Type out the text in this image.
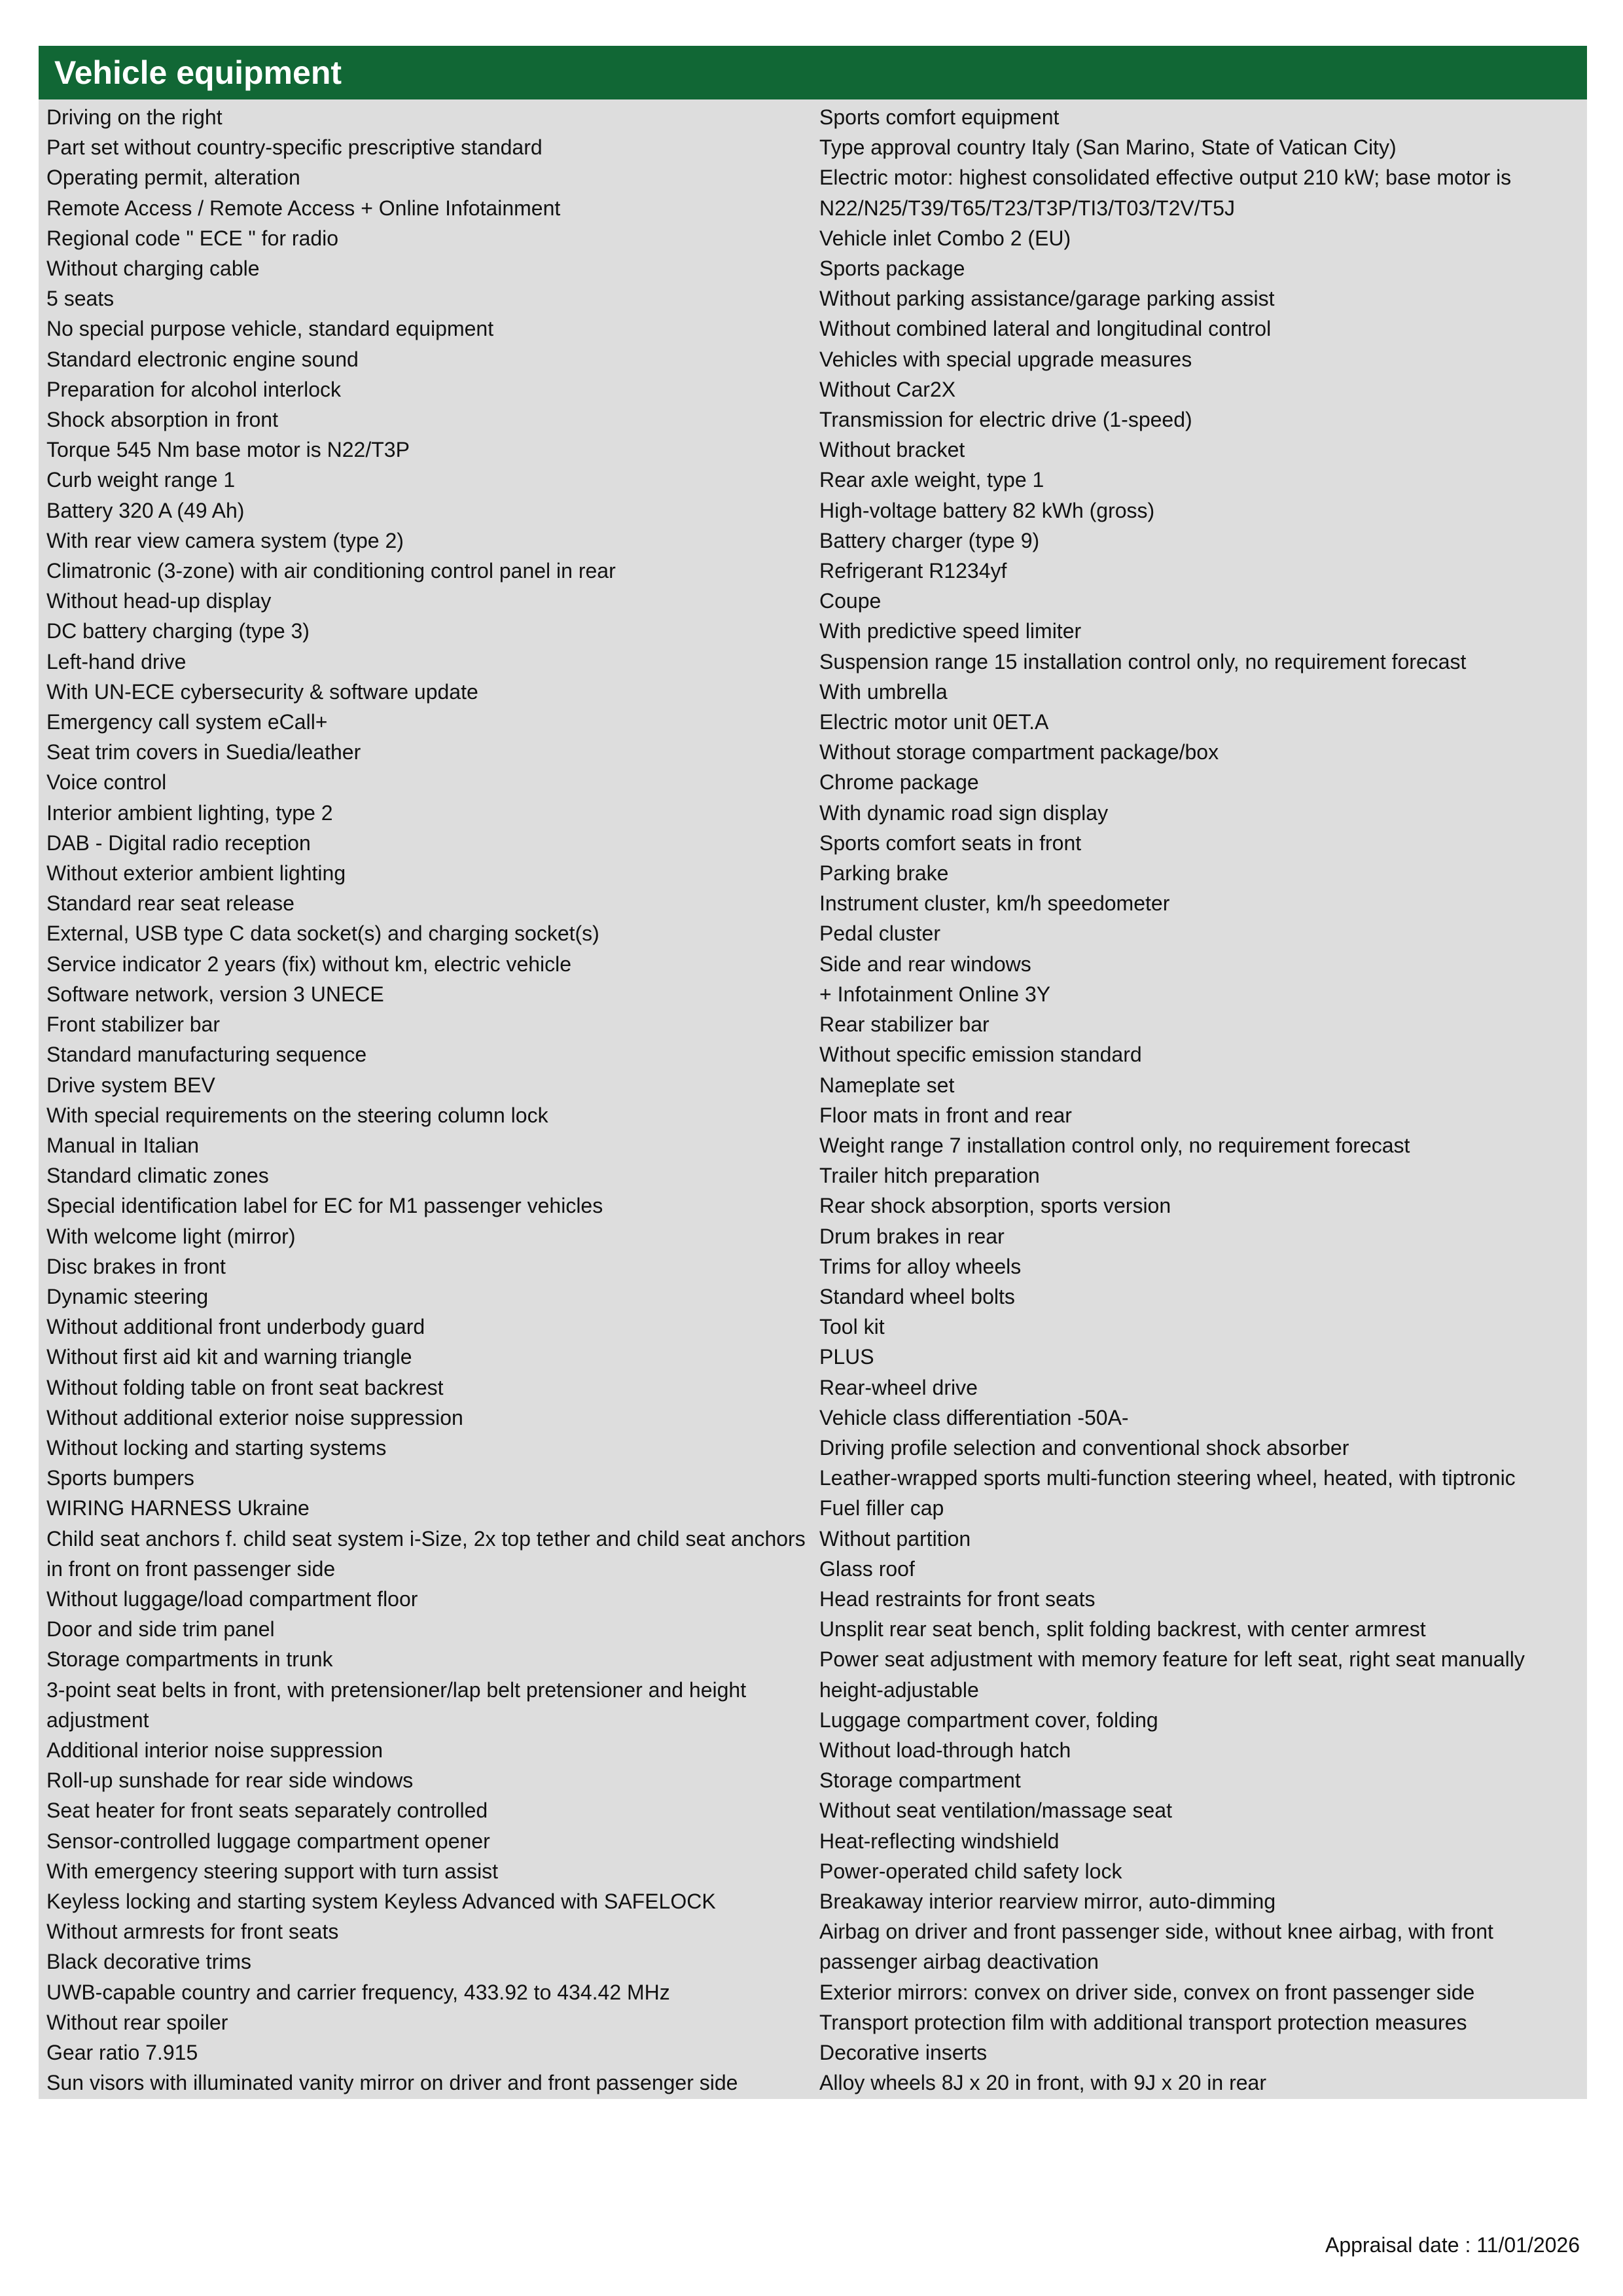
Vehicle equipment
Driving on the right
Part set without country-specific prescriptive standard
Operating permit, alteration
Remote Access / Remote Access + Online Infotainment
Regional code " ECE " for radio
Without charging cable
5 seats
No special purpose vehicle, standard equipment
Standard electronic engine sound
Preparation for alcohol interlock
Shock absorption in front
Torque 545 Nm base motor is N22/T3P
Curb weight range 1
Battery 320 A (49 Ah)
With rear view camera system (type 2)
Climatronic (3-zone) with air conditioning control panel in rear
Without head-up display
DC battery charging (type 3)
Left-hand drive
With UN-ECE cybersecurity & software update
Emergency call system eCall+
Seat trim covers in Suedia/leather
Voice control
Interior ambient lighting, type 2
DAB - Digital radio reception
Without exterior ambient lighting
Standard rear seat release
External, USB type C data socket(s) and charging socket(s)
Service indicator 2 years (fix) without km, electric vehicle
Software network, version 3 UNECE
Front stabilizer bar
Standard manufacturing sequence
Drive system BEV
With special requirements on the steering column lock
Manual in Italian
Standard climatic zones
Special identification label for EC for M1 passenger vehicles
With welcome light (mirror)
Disc brakes in front
Dynamic steering
Without additional front underbody guard
Without first aid kit and warning triangle
Without folding table on front seat backrest
Without additional exterior noise suppression
Without locking and starting systems
Sports bumpers
WIRING HARNESS Ukraine
Child seat anchors f. child seat system i-Size, 2x top tether and child seat anchors in front on front passenger side
Without luggage/load compartment floor
Door and side trim panel
Storage compartments in trunk
3-point seat belts in front, with pretensioner/lap belt pretensioner and height adjustment
Additional interior noise suppression
Roll-up sunshade for rear side windows
Seat heater for front seats separately controlled
Sensor-controlled luggage compartment opener
With emergency steering support with turn assist
Keyless locking and starting system Keyless Advanced with SAFELOCK
Without armrests for front seats
Black decorative trims
UWB-capable country and carrier frequency, 433.92 to 434.42 MHz
Without rear spoiler
Gear ratio 7.915
Sun visors with illuminated vanity mirror on driver and front passenger side
Sports comfort equipment
Type approval country Italy (San Marino, State of Vatican City)
Electric motor: highest consolidated effective output 210 kW; base motor is N22/N25/T39/T65/T23/T3P/TI3/T03/T2V/T5J
Vehicle inlet Combo 2 (EU)
Sports package
Without parking assistance/garage parking assist
Without combined lateral and longitudinal control
Vehicles with special upgrade measures
Without Car2X
Transmission for electric drive (1-speed)
Without bracket
Rear axle weight, type 1
High-voltage battery 82 kWh (gross)
Battery charger (type 9)
Refrigerant R1234yf
Coupe
With predictive speed limiter
Suspension range 15 installation control only, no requirement forecast
With umbrella
Electric motor unit 0ET.A
Without storage compartment package/box
Chrome package
With dynamic road sign display
Sports comfort seats in front
Parking brake
Instrument cluster, km/h speedometer
Pedal cluster
Side and rear windows
+ Infotainment Online 3Y
Rear stabilizer bar
Without specific emission standard
Nameplate set
Floor mats in front and rear
Weight range 7 installation control only, no requirement forecast
Trailer hitch preparation
Rear shock absorption, sports version
Drum brakes in rear
Trims for alloy wheels
Standard wheel bolts
Tool kit
PLUS
Rear-wheel drive
Vehicle class differentiation -50A-
Driving profile selection and conventional shock absorber
Leather-wrapped sports multi-function steering wheel, heated, with tiptronic
Fuel filler cap
Without partition
Glass roof
Head restraints for front seats
Unsplit rear seat bench, split folding backrest, with center armrest
Power seat adjustment with memory feature for left seat, right seat manually height-adjustable
Luggage compartment cover, folding
Without load-through hatch
Storage compartment
Without seat ventilation/massage seat
Heat-reflecting windshield
Power-operated child safety lock
Breakaway interior rearview mirror, auto-dimming
Airbag on driver and front passenger side, without knee airbag, with front passenger airbag deactivation
Exterior mirrors: convex on driver side, convex on front passenger side
Transport protection film with additional transport protection measures
Decorative inserts
Alloy wheels 8J x 20 in front, with 9J x 20 in rear
Appraisal date : 11/01/2026
